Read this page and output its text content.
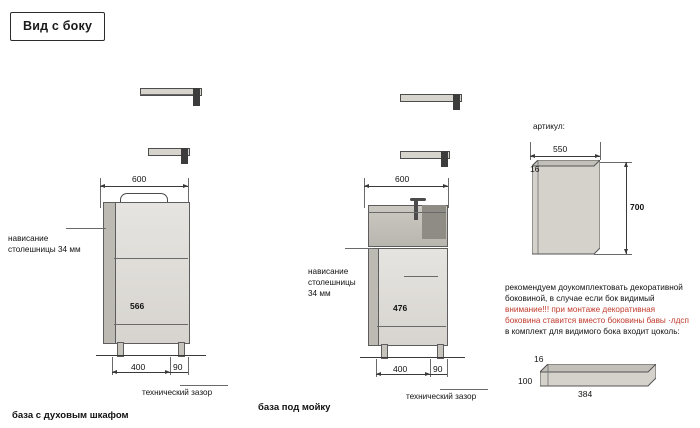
Вид с боку
600
566
нависание
столешницы 34 мм
400	90
технический зазор
база с духовым шкафом
600
476
нависание
столешницы
34 мм
400	90
технический зазор
база под мойку
артикул:
550
16
700
рекомендуем доукомплектовать декоративной
боковиной, в случае если бок видимый
внимание!!! при монтаже декоративная
боковина ставится вместо боковины бавы ·лдсп
в комплект для видимого бока входит цоколь:
16
100
384
